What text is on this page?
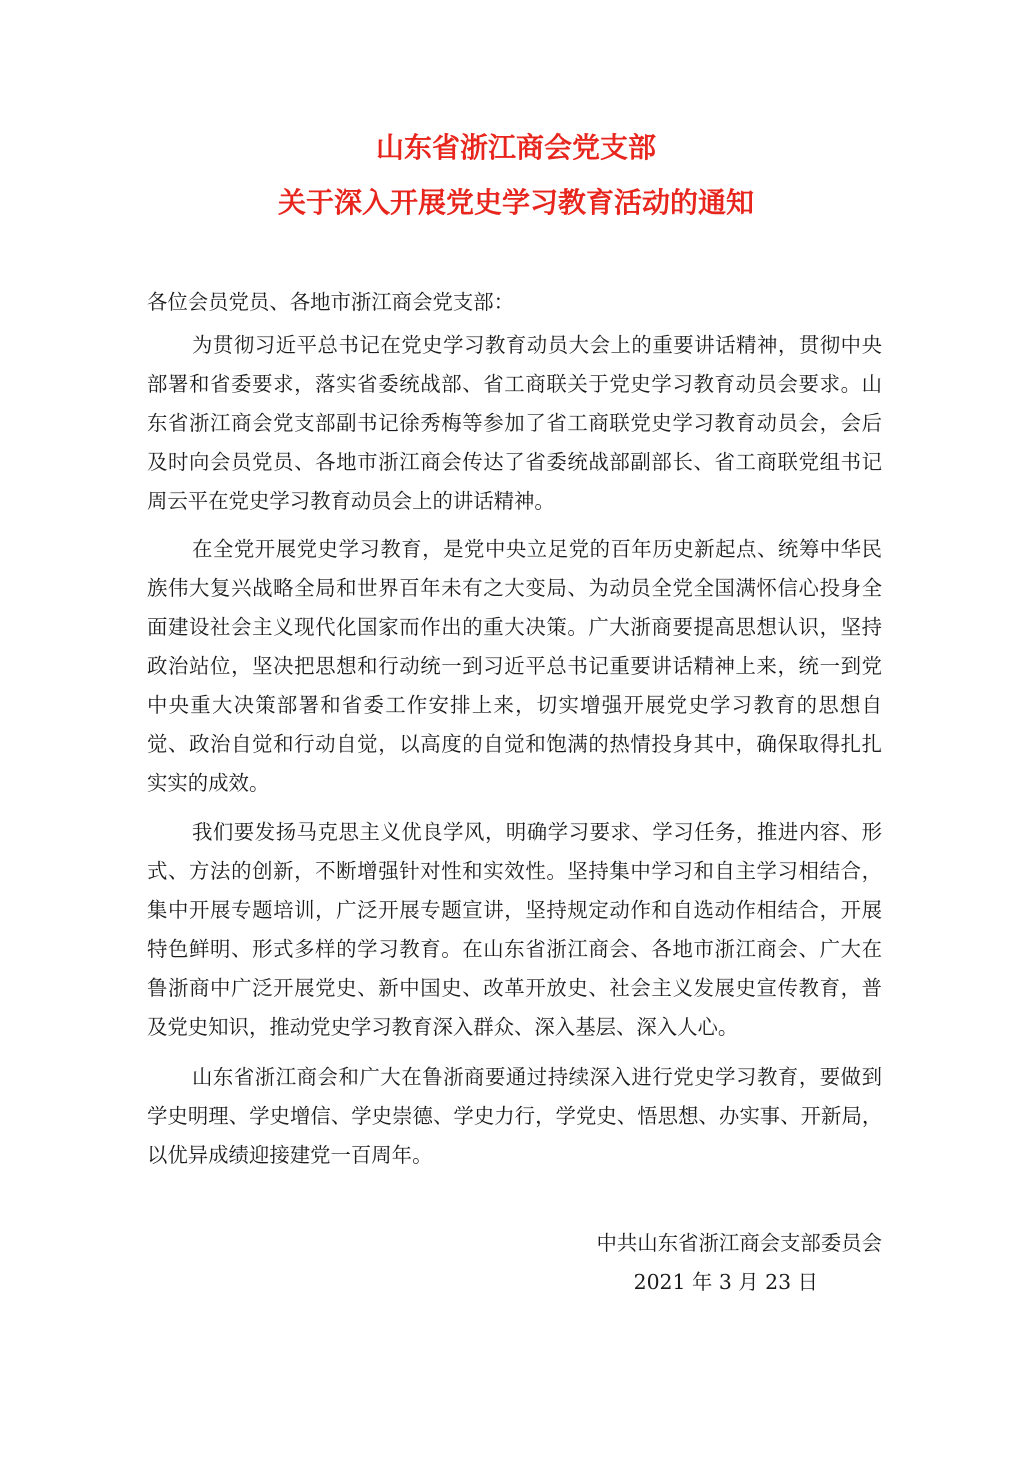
山东省浙江商会党支部
关于深入开展党史学习教育活动的通知
各位会员党员、各地市浙江商会党支部：
为贯彻习近平总书记在党史学习教育动员大会上的重要讲话精神，贯彻中央
部署和省委要求，落实省委统战部、省工商联关于党史学习教育动员会要求。山
东省浙江商会党支部副书记徐秀梅等参加了省工商联党史学习教育动员会，会后
及时向会员党员、各地市浙江商会传达了省委统战部副部长、省工商联党组书记
周云平在党史学习教育动员会上的讲话精神。
在全党开展党史学习教育，是党中央立足党的百年历史新起点、统筹中华民
族伟大复兴战略全局和世界百年未有之大变局、为动员全党全国满怀信心投身全
面建设社会主义现代化国家而作出的重大决策。广大浙商要提高思想认识，坚持
政治站位，坚决把思想和行动统一到习近平总书记重要讲话精神上来，统一到党
中央重大决策部署和省委工作安排上来，切实增强开展党史学习教育的思想自
觉、政治自觉和行动自觉，以高度的自觉和饱满的热情投身其中，确保取得扎扎
实实的成效。
我们要发扬马克思主义优良学风，明确学习要求、学习任务，推进内容、形
式、方法的创新，不断增强针对性和实效性。坚持集中学习和自主学习相结合，
集中开展专题培训，广泛开展专题宣讲，坚持规定动作和自选动作相结合，开展
特色鲜明、形式多样的学习教育。在山东省浙江商会、各地市浙江商会、广大在
鲁浙商中广泛开展党史、新中国史、改革开放史、社会主义发展史宣传教育，普
及党史知识，推动党史学习教育深入群众、深入基层、深入人心。
山东省浙江商会和广大在鲁浙商要通过持续深入进行党史学习教育，要做到
学史明理、学史增信、学史崇德、学史力行，学党史、悟思想、办实事、开新局，
以优异成绩迎接建党一百周年。
中共山东省浙江商会支部委员会
2021 年 3 月 23 日
